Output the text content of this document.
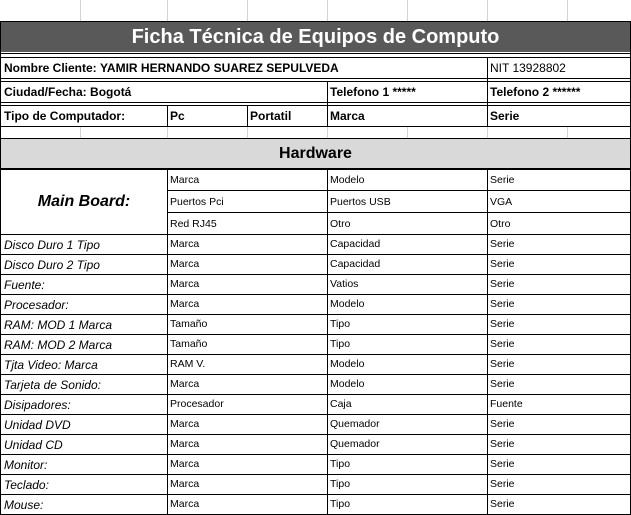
Ficha Técnica de Equipos de Computo
Nombre Cliente:
YAMIR HERNANDO SUAREZ SEPULVEDA	NIT 13928802
Ciudad/Fecha:
Bogotá	Telefono 1 *****	Telefono 2 ******
Tipo de Computador:	Pc	Portatil	Marca	Serie
Hardware
Main Board:
Marca	Modelo	Serie
Puertos Pci	Puertos USB	VGA
Red RJ45	Otro	Otro
Disco Duro 1 Tipo	Marca	Capacidad	Serie
Disco Duro 2 Tipo	Marca	Capacidad	Serie
Fuente:	Marca	Vatios	Serie
Procesador:	Marca	Modelo	Serie
RAM: MOD 1 Marca	Tamaño	Tipo	Serie
RAM: MOD 2 Marca	Tamaño	Tipo	Serie
Tjta Video: Marca	RAM V.	Modelo	Serie
Tarjeta de Sonido:	Marca	Modelo	Serie
Disipadores:	Procesador	Caja	Fuente
Unidad DVD	Marca	Quemador	Serie
Unidad CD	Marca	Quemador	Serie
Monitor:	Marca	Tipo	Serie
Teclado:	Marca	Tipo	Serie
Mouse:	Marca	Tipo	Serie
